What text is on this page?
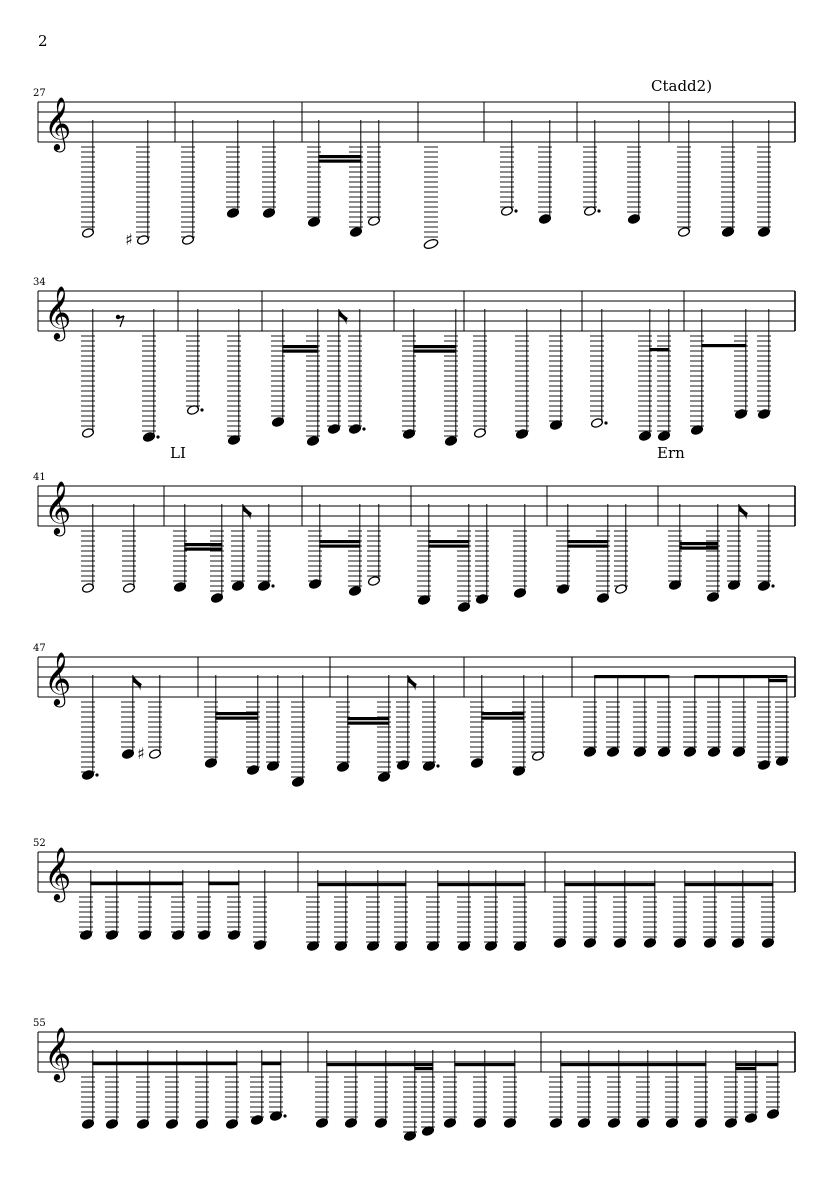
2
Ctadd2)
LI	Ern
27
𝄞
♯
34
𝄞
41
𝄞
47
𝄞
♯
52
𝄞
55
𝄞
